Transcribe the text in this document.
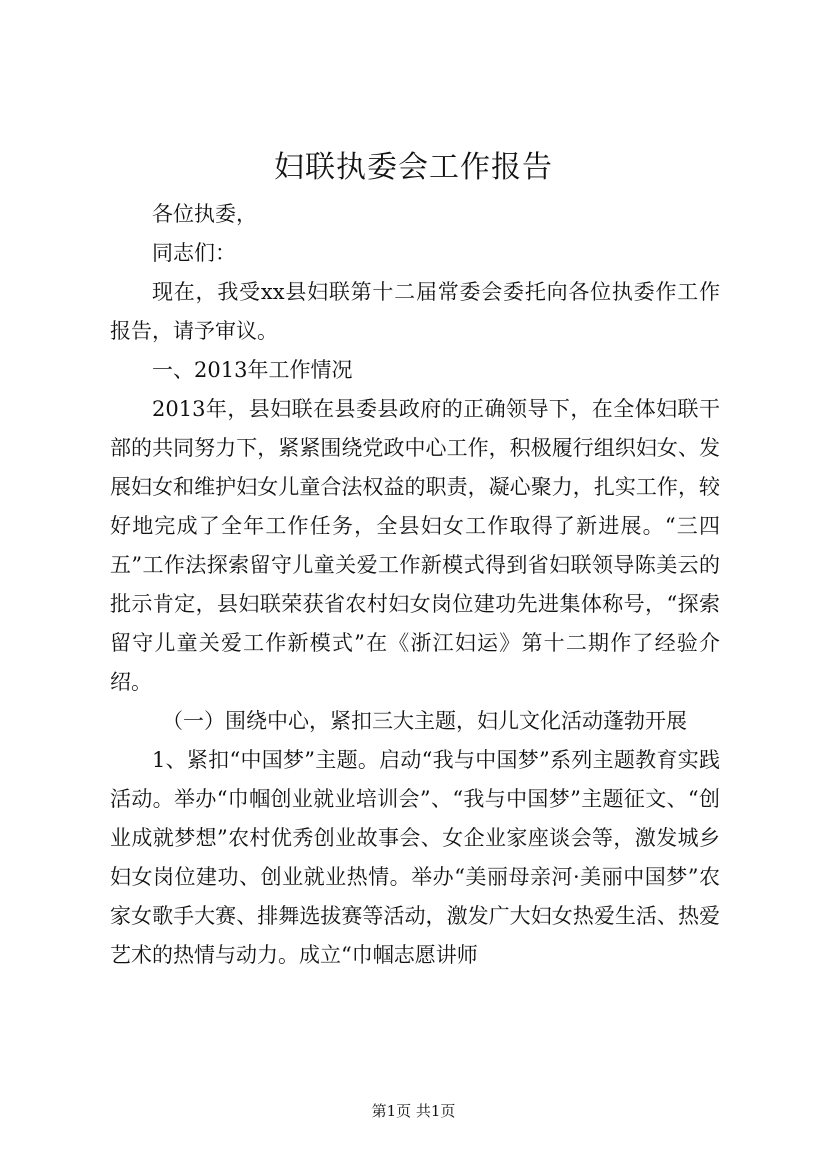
妇联执委会工作报告

各位执委，

同志们：

现在，我受xx县妇联第十二届常委会委托向各位执委作工作报告，请予审议。

一、2013年工作情况

2013年，县妇联在县委县政府的正确领导下，在全体妇联干部的共同努力下，紧紧围绕党政中心工作，积极履行组织妇女、发展妇女和维护妇女儿童合法权益的职责，凝心聚力，扎实工作，较好地完成了全年工作任务，全县妇女工作取得了新进展。“三四五”工作法探索留守儿童关爱工作新模式得到省妇联领导陈美云的批示肯定，县妇联荣获省农村妇女岗位建功先进集体称号，“探索留守儿童关爱工作新模式”在《浙江妇运》第十二期作了经验介绍。

（一）围绕中心，紧扣三大主题，妇儿文化活动蓬勃开展

1、紧扣“中国梦”主题。启动“我与中国梦”系列主题教育实践活动。举办“巾帼创业就业培训会”、“我与中国梦”主题征文、“创业成就梦想”农村优秀创业故事会、女企业家座谈会等，激发城乡妇女岗位建功、创业就业热情。举办“美丽母亲河·美丽中国梦”农家女歌手大赛、排舞选拔赛等活动，激发广大妇女热爱生活、热爱艺术的热情与动力。成立“巾帼志愿讲师

第1页 共1页
